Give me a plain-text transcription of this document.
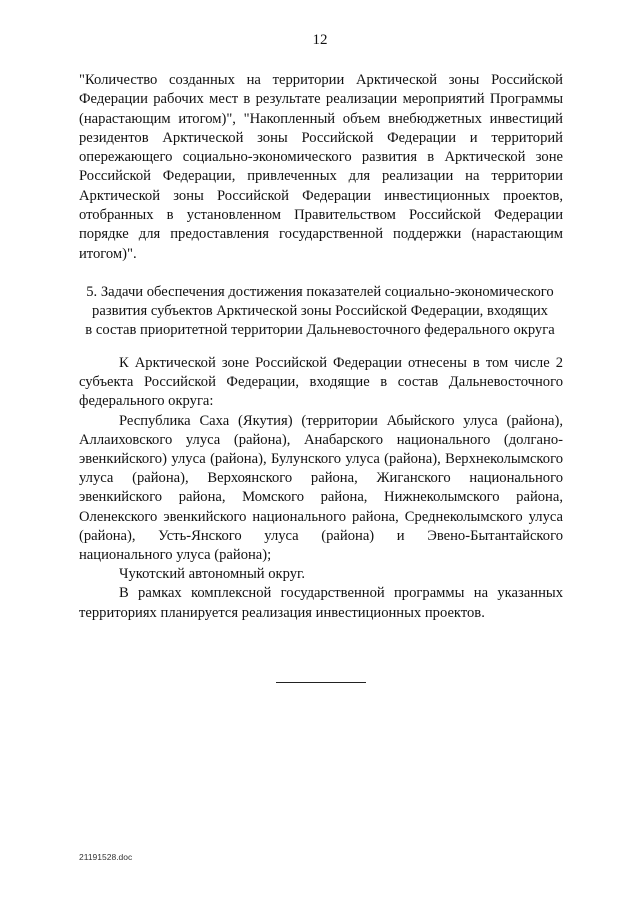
12
"Количество созданных на территории Арктической зоны Российской Федерации рабочих мест в результате реализации мероприятий Программы (нарастающим итогом)", "Накопленный объем внебюджетных инвестиций резидентов Арктической зоны Российской Федерации и территорий опережающего социально-экономического развития в Арктической зоне Российской Федерации, привлеченных для реализации на территории Арктической зоны Российской Федерации инвестиционных проектов, отобранных в установленном Правительством Российской Федерации порядке для предоставления государственной поддержки (нарастающим итогом)".
5. Задачи обеспечения достижения показателей социально-экономического
развития субъектов Арктической зоны Российской Федерации, входящих
в состав приоритетной территории Дальневосточного федерального округа

К Арктической зоне Российской Федерации отнесены в том числе 2 субъекта Российской Федерации, входящие в состав Дальневосточного федерального округа:

Республика Саха (Якутия) (территории Абыйского улуса (района), Аллаиховского улуса (района), Анабарского национального (долгано-эвенкийского) улуса (района), Булунского улуса (района), Верхнеколымского улуса (района), Верхоянского района, Жиганского национального эвенкийского района, Момского района, Нижнеколымского района, Оленекского эвенкийского национального района, Среднеколымского улуса (района), Усть-Янского улуса (района) и Эвено-Бытантайского национального улуса (района);

Чукотский автономный округ.

В рамках комплексной государственной программы на указанных территориях планируется реализация инвестиционных проектов.

21191528.doc
